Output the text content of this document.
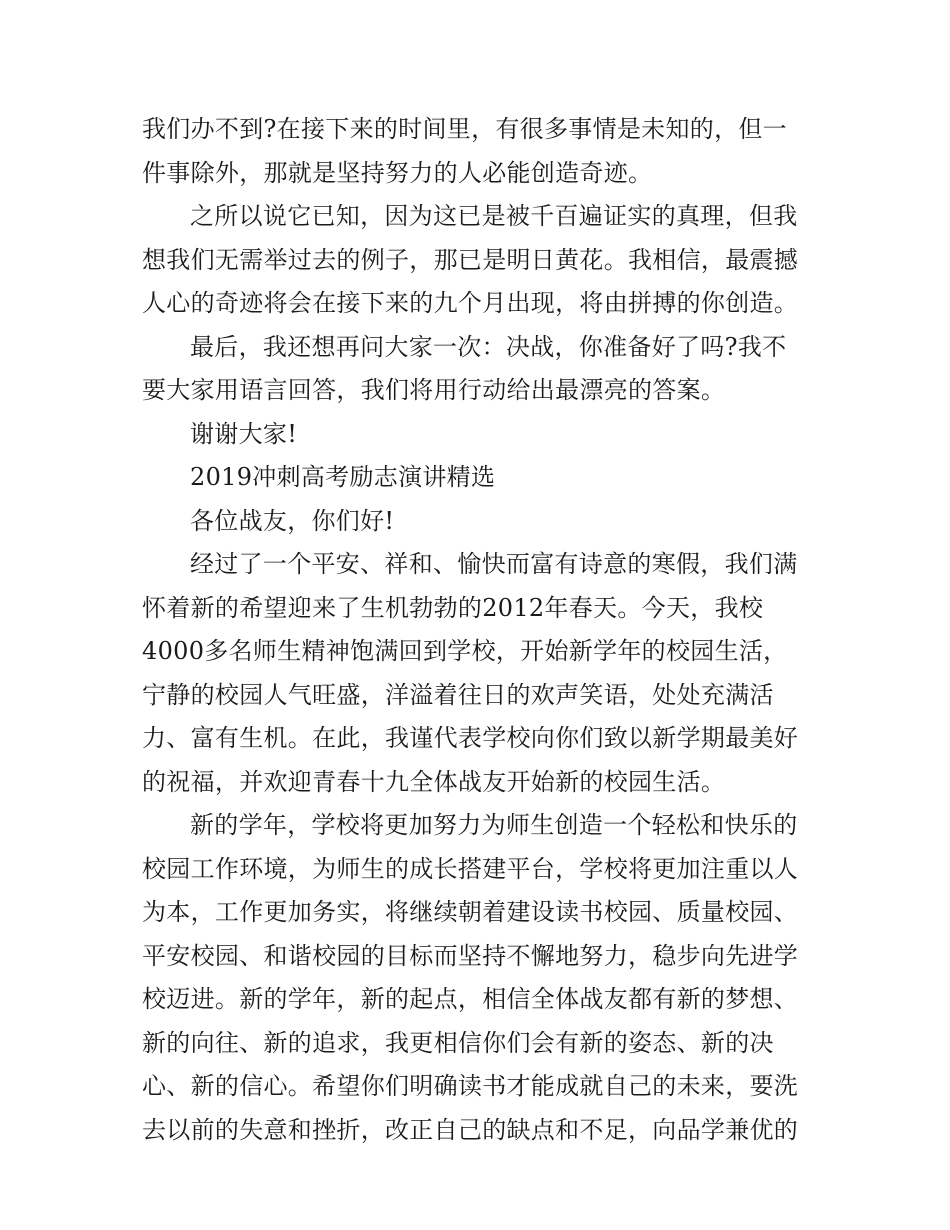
我们办不到?在接下来的时间里，有很多事情是未知的，但一
件事除外，那就是坚持努力的人必能创造奇迹。
之所以说它已知，因为这已是被千百遍证实的真理，但我
想我们无需举过去的例子，那已是明日黄花。我相信，最震撼
人心的奇迹将会在接下来的九个月出现，将由拼搏的你创造。
最后，我还想再问大家一次：决战，你准备好了吗?我不
要大家用语言回答，我们将用行动给出最漂亮的答案。
谢谢大家!
2019冲刺高考励志演讲精选
各位战友，你们好!
经过了一个平安、祥和、愉快而富有诗意的寒假，我们满
怀着新的希望迎来了生机勃勃的2012年春天。今天，我校
4000多名师生精神饱满回到学校，开始新学年的校园生活，
宁静的校园人气旺盛，洋溢着往日的欢声笑语，处处充满活
力、富有生机。在此，我谨代表学校向你们致以新学期最美好
的祝福，并欢迎青春十九全体战友开始新的校园生活。
新的学年，学校将更加努力为师生创造一个轻松和快乐的
校园工作环境，为师生的成长搭建平台，学校将更加注重以人
为本，工作更加务实，将继续朝着建设读书校园、质量校园、
平安校园、和谐校园的目标而坚持不懈地努力，稳步向先进学
校迈进。新的学年，新的起点，相信全体战友都有新的梦想、
新的向往、新的追求，我更相信你们会有新的姿态、新的决
心、新的信心。希望你们明确读书才能成就自己的未来，要洗
去以前的失意和挫折，改正自己的缺点和不足，向品学兼优的
